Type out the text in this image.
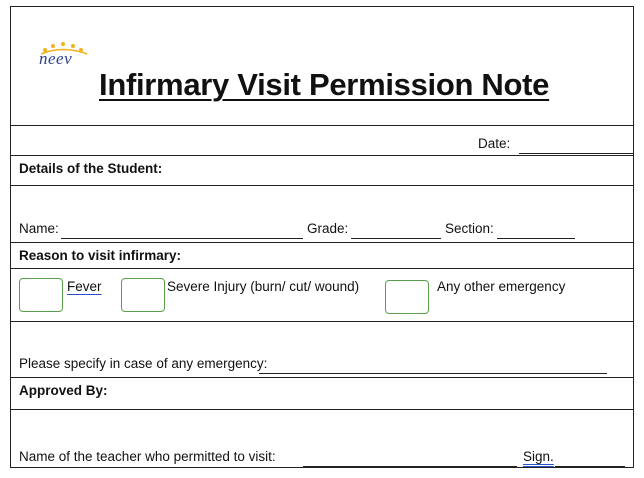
neev
Infirmary Visit Permission Note
Date:
Details of the Student:
Name:	Grade:	Section:
Reason to visit infirmary:
Fever	Severe Injury (burn/ cut/ wound)	Any other emergency
Please specify in case of any emergency:
Approved By:
Name of the teacher who permitted to visit:	Sign.
